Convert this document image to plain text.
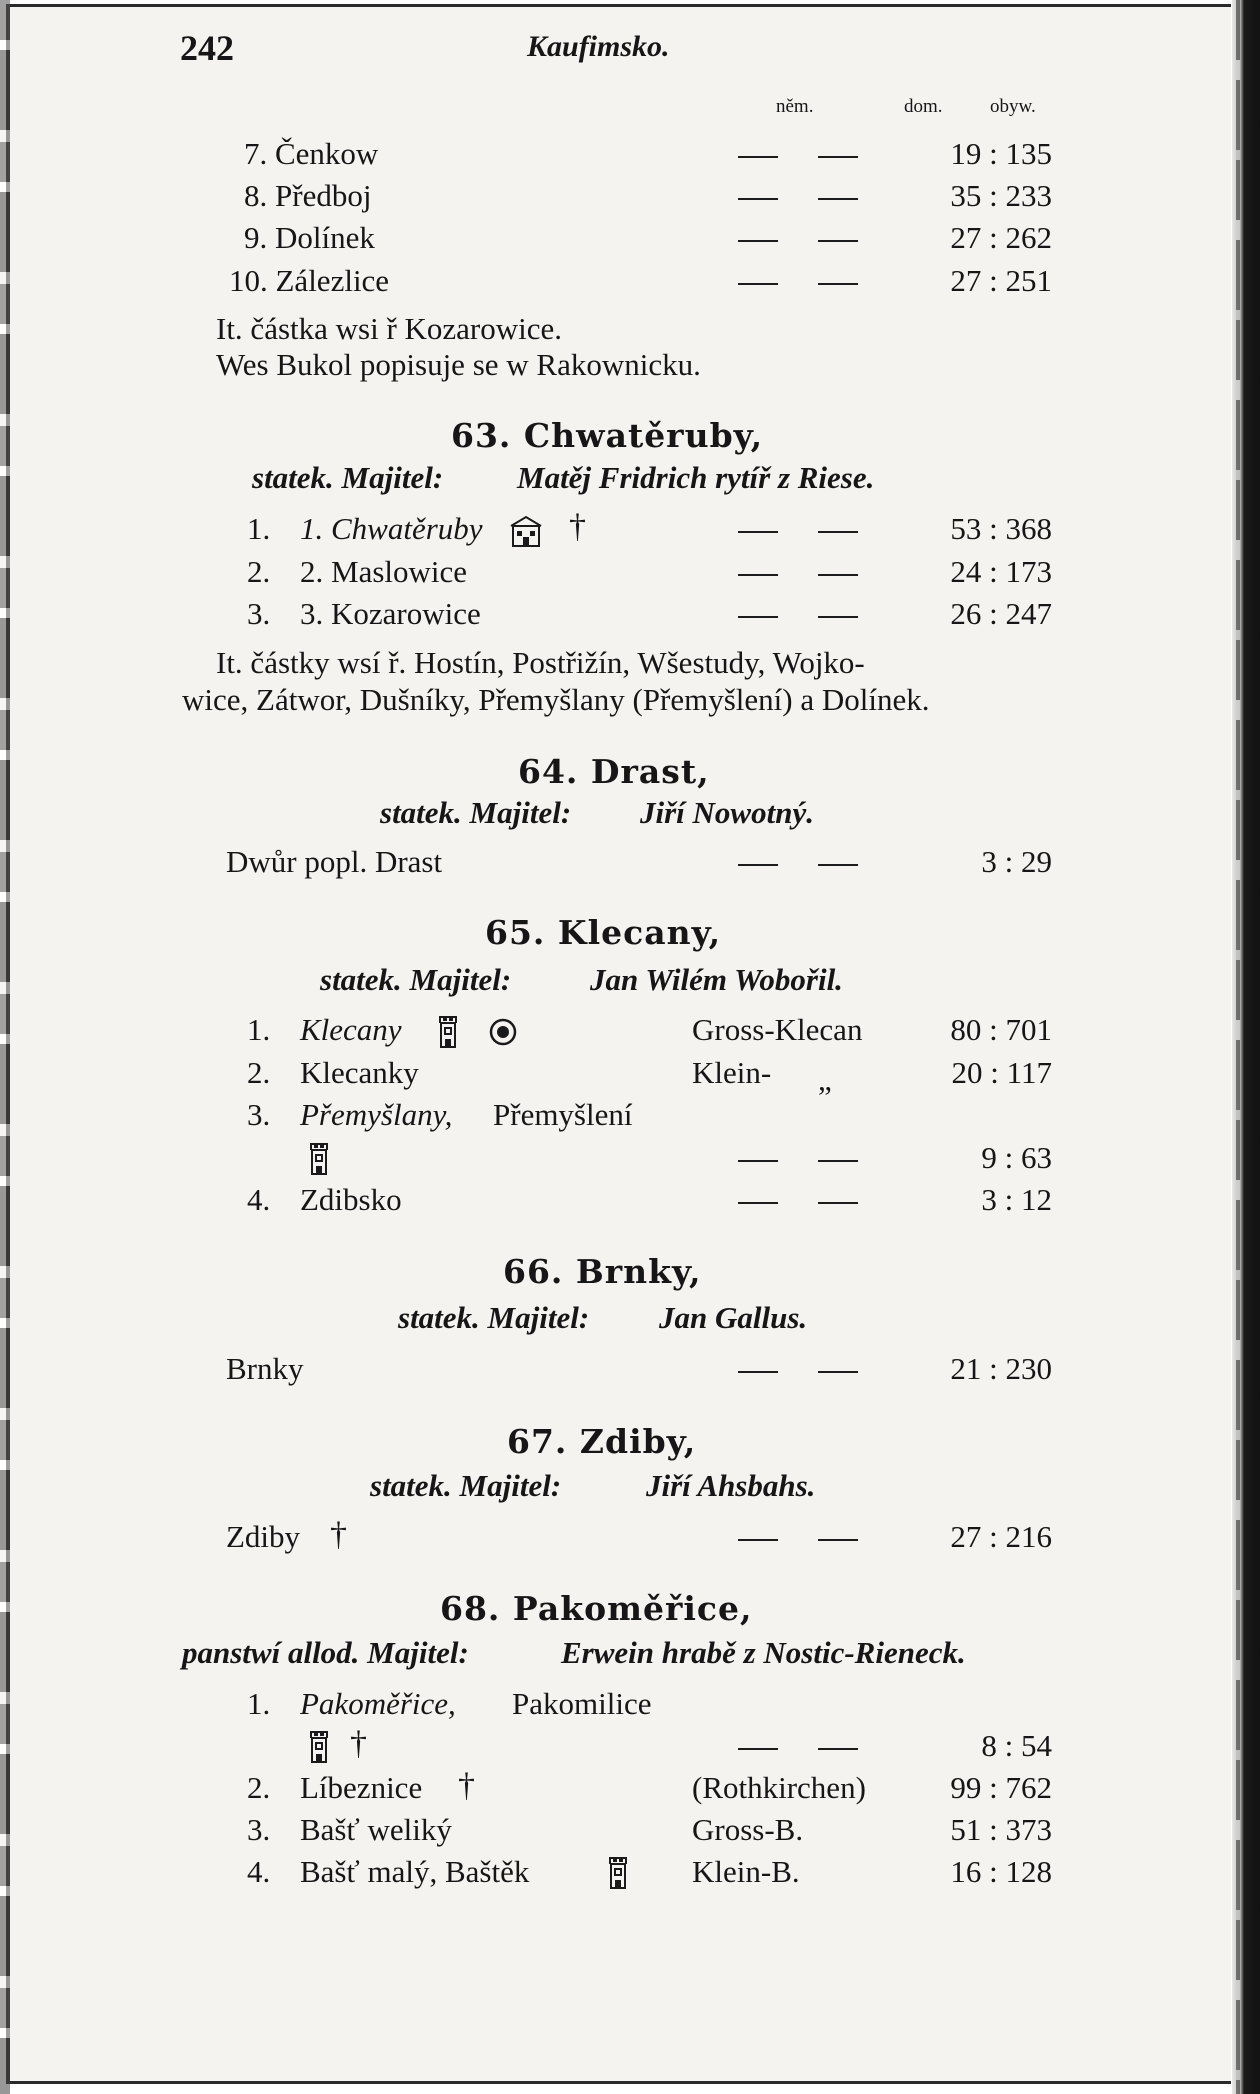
242	Kaufimsko.
něm.	dom. obyw.
7. Čenkow	19 : 135
8. Předboj	35 : 233
9. Dolínek	27 : 262
10. Zálezlice	27 : 251
It. částka wsi ř Kozarowice.
Wes Bukol popisuje se w Rakownicku.
63. Chwatěruby,
statek. Majitel: Matěj Fridrich rytíř z Riese.
1. 1. Chwatěruby	†	53 : 368
2. 2. Maslowice	24 : 173
3. 3. Kozarowice	26 : 247
It. částky wsí ř. Hostín, Postřižín, Wšestudy, Wojko-
wice, Zátwor, Dušníky, Přemyšlany (Přemyšlení) a Dolínek.
64. Drast,
statek. Majitel: Jiří Nowotný.
Dwůr popl. Drast	3 : 29
65. Klecany,
statek. Majitel:	Jan Wilém Wobořil.
1. Klecany	Gross-Klecan	80 : 701
2. Klecanky	Klein- „	20 : 117
3. Přemyšlany, Přemyšlení
9 : 63
4. Zdibsko	3 : 12
66. Brnky,
statek. Majitel: Jan Gallus.
Brnky	21 : 230
67. Zdiby,
statek. Majitel:	Jiří Ahsbahs.
Zdiby †	27 : 216
68. Pakoměřice,
panstwí allod. Majitel:	Erwein hrabě z Nostic-Rieneck.
1. Pakoměřice, Pakomilice
†	8 : 54
2. Líbeznice †	(Rothkirchen)	99 : 762
3. Bašť weliký	Gross-B.	51 : 373
4. Bašť malý, Baštěk	Klein-B.	16 : 128
